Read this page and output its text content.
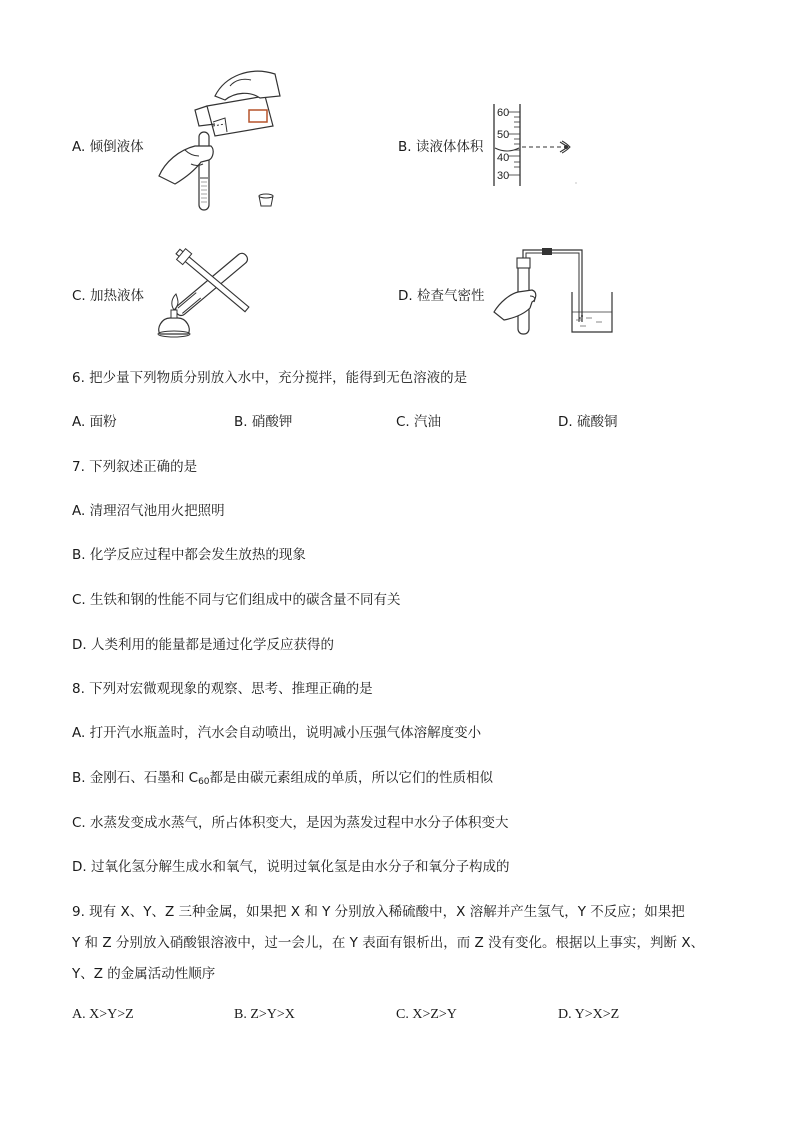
A. 倾倒液体	B. 读液体体积
60
50
40
30
C. 加热液体	D. 检查气密性
6. 把少量下列物质分别放入水中，充分搅拌，能得到无色溶液的是
A. 面粉	B. 硝酸钾	C. 汽油	D. 硫酸铜
7. 下列叙述正确的是
A. 清理沼气池用火把照明
B. 化学反应过程中都会发生放热的现象
C. 生铁和钢的性能不同与它们组成中的碳含量不同有关
D. 人类利用的能量都是通过化学反应获得的
8. 下列对宏微观现象的观察、思考、推理正确的是
A. 打开汽水瓶盖时，汽水会自动喷出，说明减小压强气体溶解度变小
B. 金刚石、石墨和 $C_{60}$都是由碳元素组成的单质，所以它们的性质相似
C. 水蒸发变成水蒸气，所占体积变大，是因为蒸发过程中水分子体积变大
D. 过氧化氢分解生成水和氧气，说明过氧化氢是由水分子和氧分子构成的
9. 现有 X、Y、Z 三种金属，如果把 X 和 Y 分别放入稀硫酸中，X 溶解并产生氢气，Y 不反应；如果把
Y 和 Z 分别放入硝酸银溶液中，过一会儿，在 Y 表面有银析出，而 Z 没有变化。根据以上事实，判断 X、
Y、Z 的金属活动性顺序
A. X>Y>Z	B. Z>Y>X	C. X>Z>Y	D. Y>X>Z
